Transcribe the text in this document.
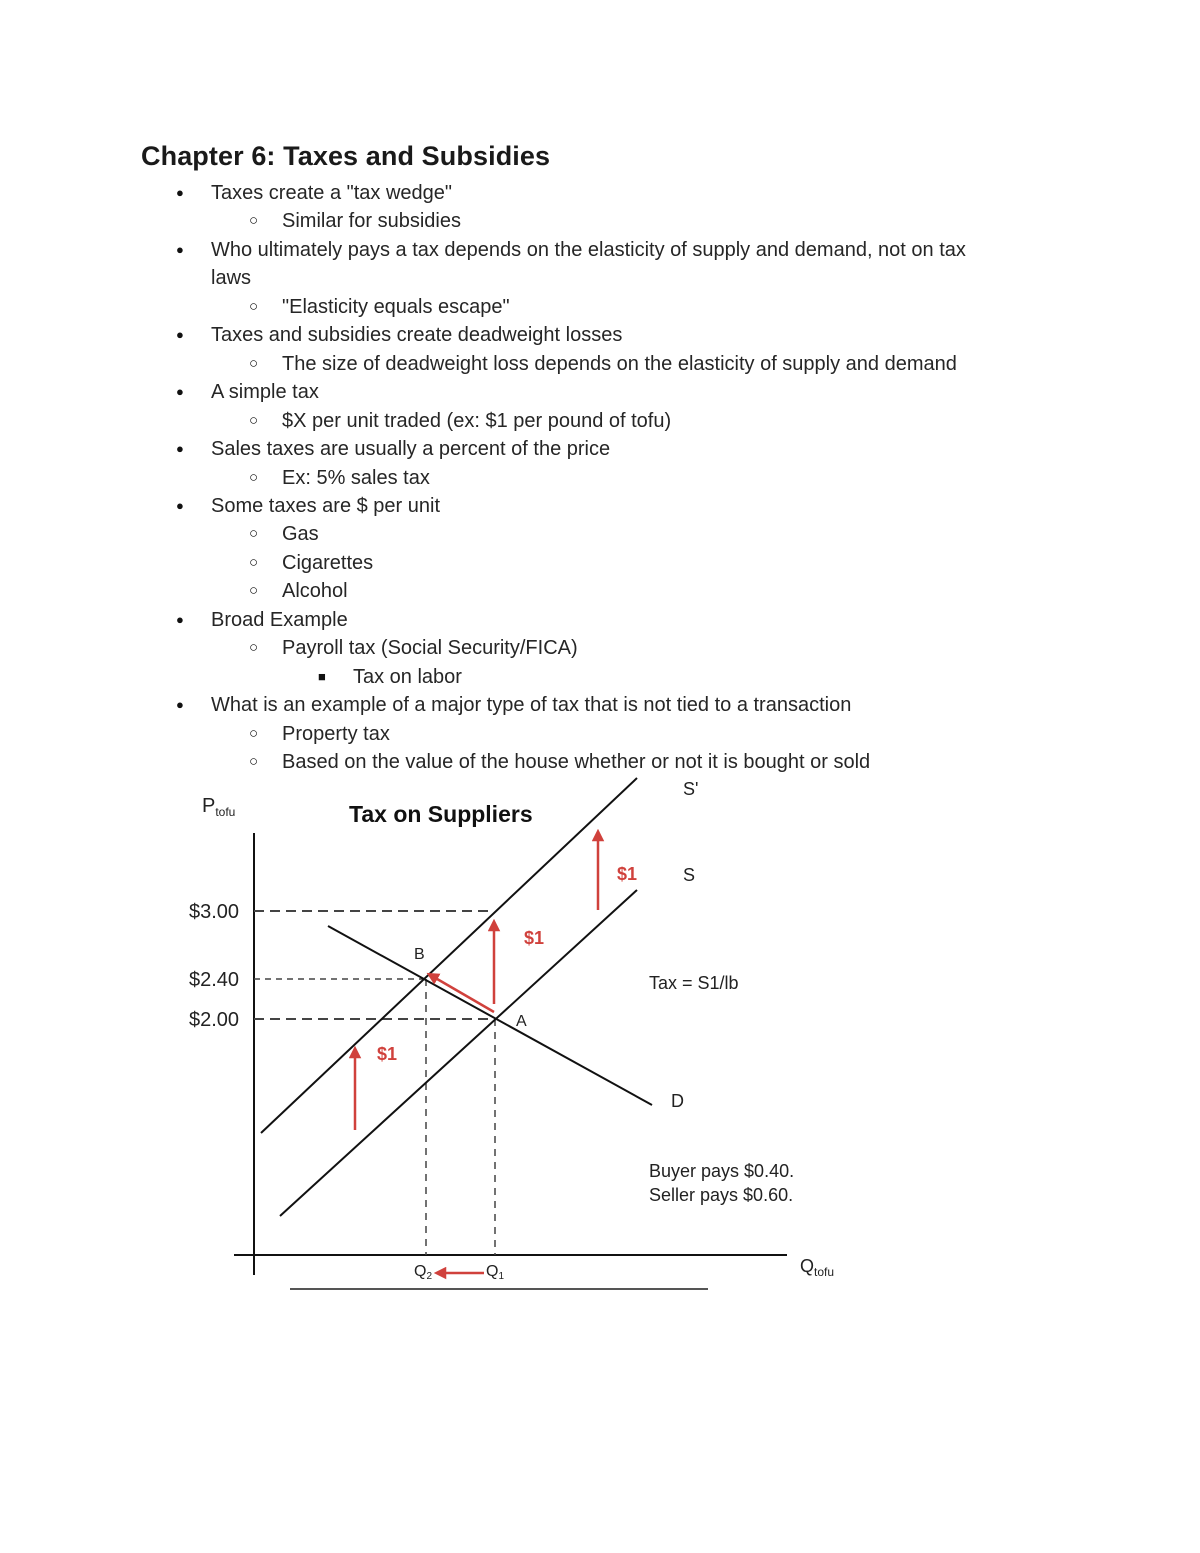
Chapter 6: Taxes and Subsidies
● Taxes create a "tax wedge"
○ Similar for subsidies
● Who ultimately pays a tax depends on the elasticity of supply and demand, not on tax
laws
○ "Elasticity equals escape"
● Taxes and subsidies create deadweight losses
○ The size of deadweight loss depends on the elasticity of supply and demand
● A simple tax
○ $X per unit traded (ex: $1 per pound of tofu)
● Sales taxes are usually a percent of the price
○ Ex: 5% sales tax
● Some taxes are $ per unit
○ Gas
○ Cigarettes
○ Alcohol
● Broad Example
○ Payroll tax (Social Security/FICA)
■ Tax on labor
● What is an example of a major type of tax that is not tied to a transaction
○ Property tax
○ Based on the value of the house whether or not it is bought or sold
Tax on Suppliers
$P_{tofu}$
$Q_{tofu}$
$3.00
$2.40
$2.00
Q2	Q1
S'
S
D
B
A
$1
$1
$1
Tax = S1/lb
Buyer pays $0.40.
Seller pays $0.60.
